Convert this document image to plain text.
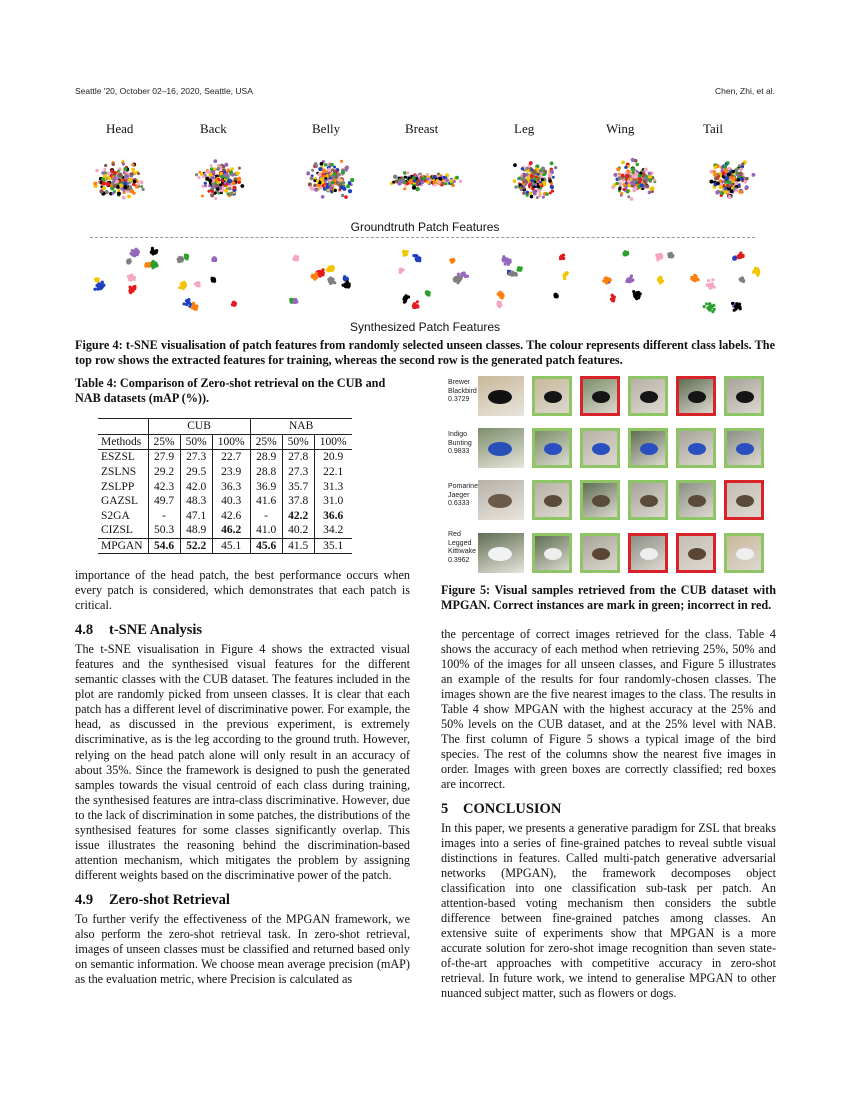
Seattle '20, October 02–16, 2020, Seattle, USA	Chen, Zhi, et al.
Head	Back	Belly	Breast	Leg	Wing	Tail
Groundtruth Patch Features
Synthesized Patch Features
Figure 4: t-SNE visualisation of patch features from randomly selected unseen classes. The colour represents different class labels. The top row shows the extracted features for training, whereas the second row is the generated patch features.
Table 4: Comparison of Zero-shot retrieval on the CUB and NAB datasets (mAP (%)).
	CUB			NAB		
Methods	25%	50%	100%	25%	50%	100%
ESZSL	27.9	27.3	22.7	28.9	27.8	20.9
ZSLNS	29.2	29.5	23.9	28.8	27.3	22.1
ZSLPP	42.3	42.0	36.3	36.9	35.7	31.3
GAZSL	49.7	48.3	40.3	41.6	37.8	31.0
S2GA	-	47.1	42.6	-	42.2	36.6
CIZSL	50.3	48.9	46.2	41.0	40.2	34.2
MPGAN	54.6	52.2	45.1	45.6	41.5	35.1

importance of the head patch, the best performance occurs when every patch is considered, which demonstrates that each patch is critical.

4.8 t-SNE Analysis

The t-SNE visualisation in Figure 4 shows the extracted visual features and the synthesised visual features for the different semantic classes with the CUB dataset. The features included in the plot are randomly picked from unseen classes. It is clear that each patch has a different level of discriminative power. For example, the head, as discussed in the previous experiment, is extremely discriminative, as is the leg according to the ground truth. However, relying on the head patch alone will only result in an accuracy of about 35%. Since the framework is designed to push the generated samples towards the visual centroid of each class during training, the synthesised features are intra-class discriminative. However, due to the lack of discrimination in some patches, the distributions of the synthesised features for some classes significantly overlap. This issue illustrates the reasoning behind the discrimination-based attention mechanism, which mitigates the problem by assigning different weights based on the discriminative power of the patch.

4.9 Zero-shot Retrieval

To further verify the effectiveness of the MPGAN framework, we also perform the zero-shot retrieval task. In zero-shot retrieval, images of unseen classes must be classified and returned based only on semantic information. We choose mean average precision (mAP) as the evaluation metric, where Precision is calculated as

Brewer
Blackbird
0.3729
Indigo
Bunting
0.9833
Pomarine
Jaeger
0.6333
Red
Legged
Kittiwake
0.3962
Figure 5: Visual samples retrieved from the CUB dataset with MPGAN. Correct instances are mark in green; incorrect in red.

the percentage of correct images retrieved for the class. Table 4 shows the accuracy of each method when retrieving 25%, 50% and 100% of the images for all unseen classes, and Figure 5 illustrates an example of the results for four randomly-chosen classes. The images shown are the five nearest images to the class. The results in Table 4 show MPGAN with the highest accuracy at the 25% and 50% levels on the CUB dataset, and at the 25% level with NAB. The first column of Figure 5 shows a typical image of the bird species. The rest of the columns show the nearest five images in order. Images with green boxes are correctly classified; red boxes are incorrect.

5 CONCLUSION

In this paper, we presents a generative paradigm for ZSL that breaks images into a series of fine-grained patches to reveal subtle visual distinctions in features. Called multi-patch generative adversarial networks (MPGAN), the framework decomposes object classification into one classification sub-task per patch. An attention-based voting mechanism then considers the subtle difference between fine-grained patches among classes. An extensive suite of experiments show that MPGAN is a more accurate solution for zero-shot image recognition than seven state-of-the-art approaches with competitive accuracy in zero-shot retrieval. In future work, we intend to generalise MPGAN to other nuanced subject matter, such as flowers or dogs.
